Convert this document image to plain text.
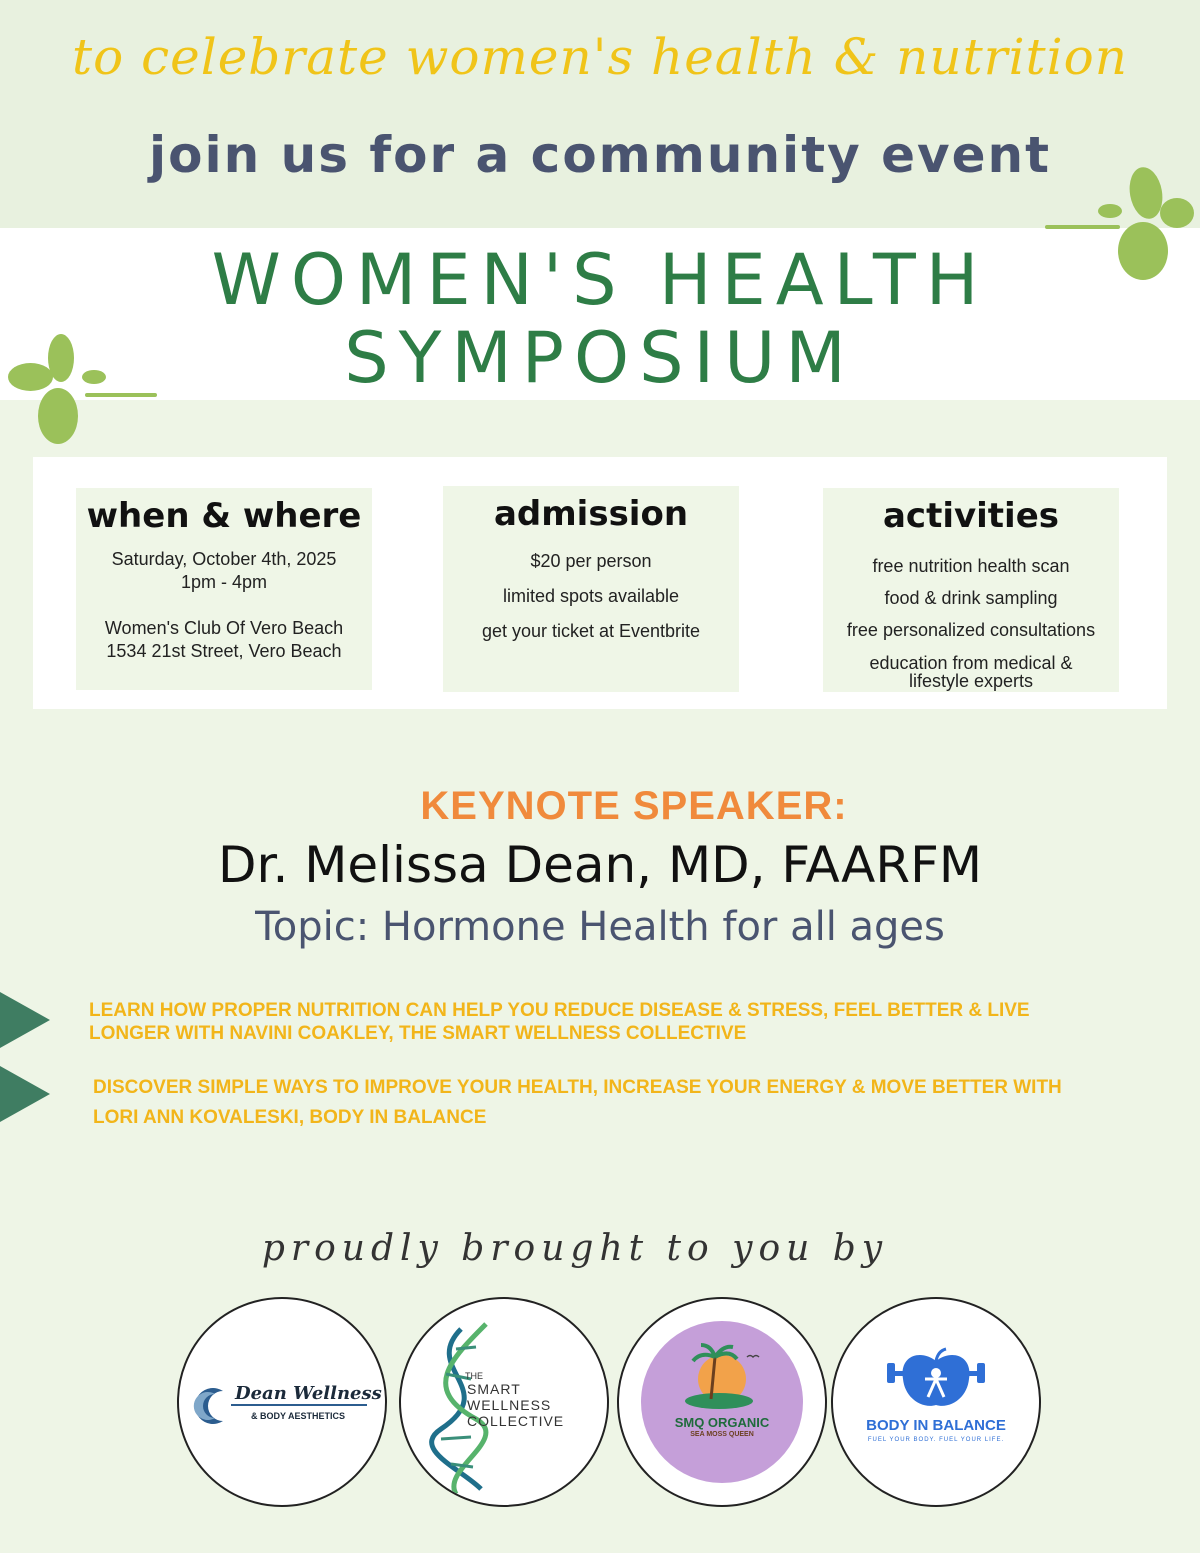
to celebrate women's health & nutrition
join us for a community event
WOMEN'S HEALTH
SYMPOSIUM
when & where
Saturday, October 4th, 2025
1pm - 4pm
Women's Club Of Vero Beach
1534 21st Street, Vero Beach
admission
$20 per person
limited spots available
get your ticket at Eventbrite
activities
free nutrition health scan
food & drink sampling
free personalized consultations
education from medical &
lifestyle experts
KEYNOTE SPEAKER:
Dr. Melissa Dean, MD, FAARFM
Topic: Hormone Health for all ages
LEARN HOW PROPER NUTRITION CAN HELP YOU REDUCE DISEASE & STRESS, FEEL BETTER & LIVE
LONGER WITH NAVINI COAKLEY, THE SMART WELLNESS COLLECTIVE
DISCOVER SIMPLE WAYS TO IMPROVE YOUR HEALTH, INCREASE YOUR ENERGY & MOVE BETTER WITH
LORI ANN KOVALESKI, BODY IN BALANCE
proudly brought to you by
Dean Wellness
& BODY AESTHETICS
THE
SMART
WELLNESS
COLLECTIVE	SMQ ORGANIC
SEA MOSS QUEEN
BODY IN BALANCE
FUEL YOUR BODY. FUEL YOUR LIFE.
